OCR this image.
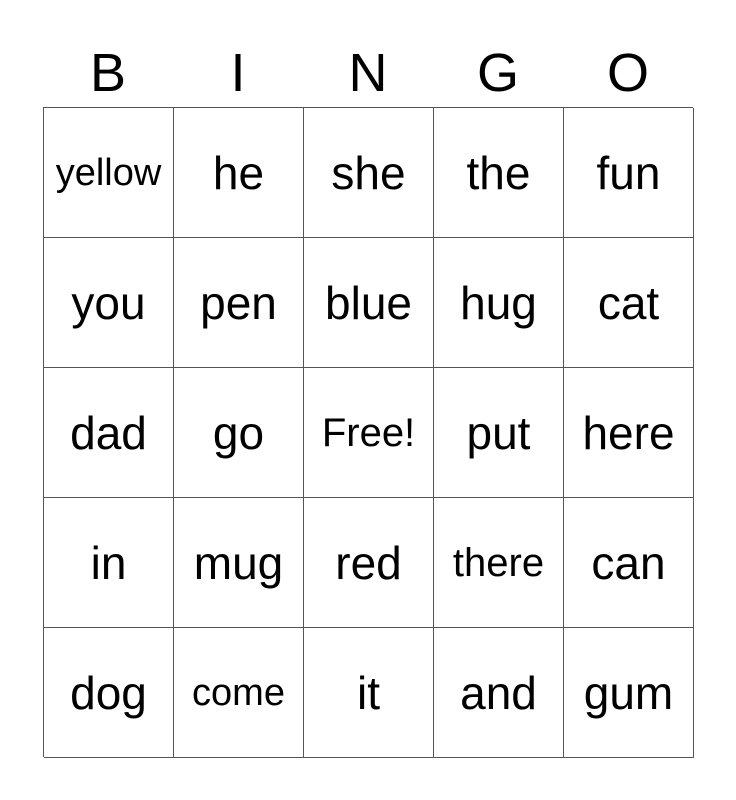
B	I	N	G	O
yellow	he	she	the	fun
you	pen	blue	hug	cat
dad	go	Free!	put	here
in	mug	red	there	can
dog	come	it	and	gum
